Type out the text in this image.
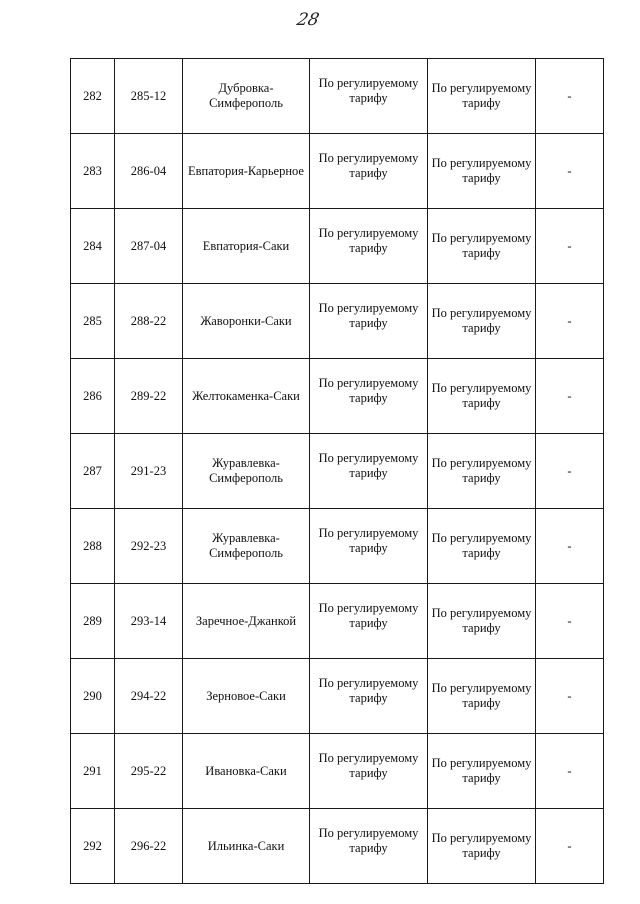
28
282	285-12	Дубровка-Симферополь	По регулируемому тарифу	По регулируемому тарифу	-
283	286-04	Евпатория-Карьерное	По регулируемому тарифу	По регулируемому тарифу	-
284	287-04	Евпатория-Саки	По регулируемому тарифу	По регулируемому тарифу	-
285	288-22	Жаворонки-Саки	По регулируемому тарифу	По регулируемому тарифу	-
286	289-22	Желтокаменка-Саки	По регулируемому тарифу	По регулируемому тарифу	-
287	291-23	Журавлевка-Симферополь	По регулируемому тарифу	По регулируемому тарифу	-
288	292-23	Журавлевка-Симферополь	По регулируемому тарифу	По регулируемому тарифу	-
289	293-14	Заречное-Джанкой	По регулируемому тарифу	По регулируемому тарифу	-
290	294-22	Зерновое-Саки	По регулируемому тарифу	По регулируемому тарифу	-
291	295-22	Ивановка-Саки	По регулируемому тарифу	По регулируемому тарифу	-
292	296-22	Ильинка-Саки	По регулируемому тарифу	По регулируемому тарифу	-
